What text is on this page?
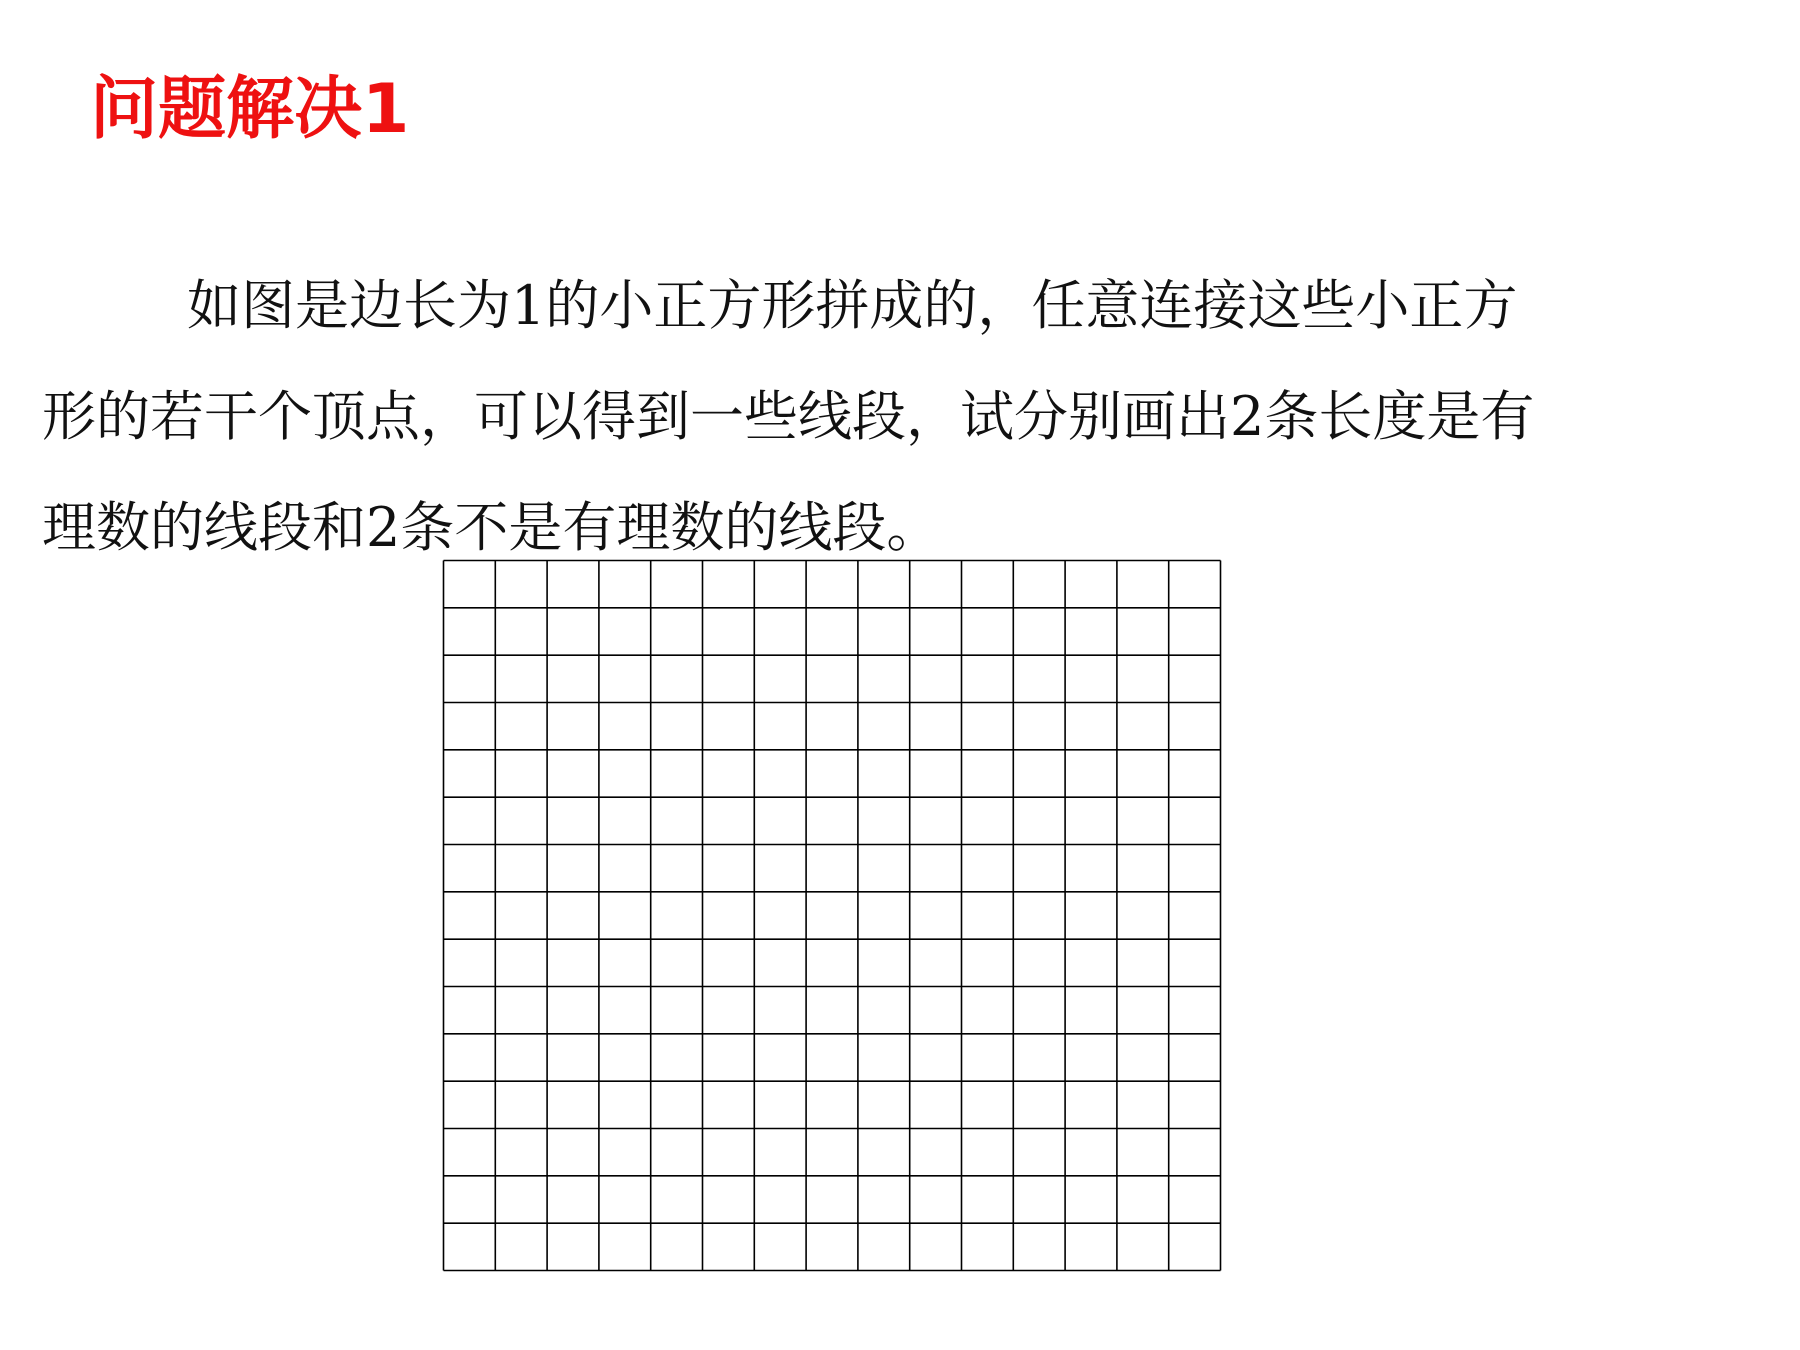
问题解决1
如图是边长为1的小正方形拼成的，任意连接这些小正方
形的若干个顶点，可以得到一些线段，试分别画出2条长度是有
理数的线段和2条不是有理数的线段。
